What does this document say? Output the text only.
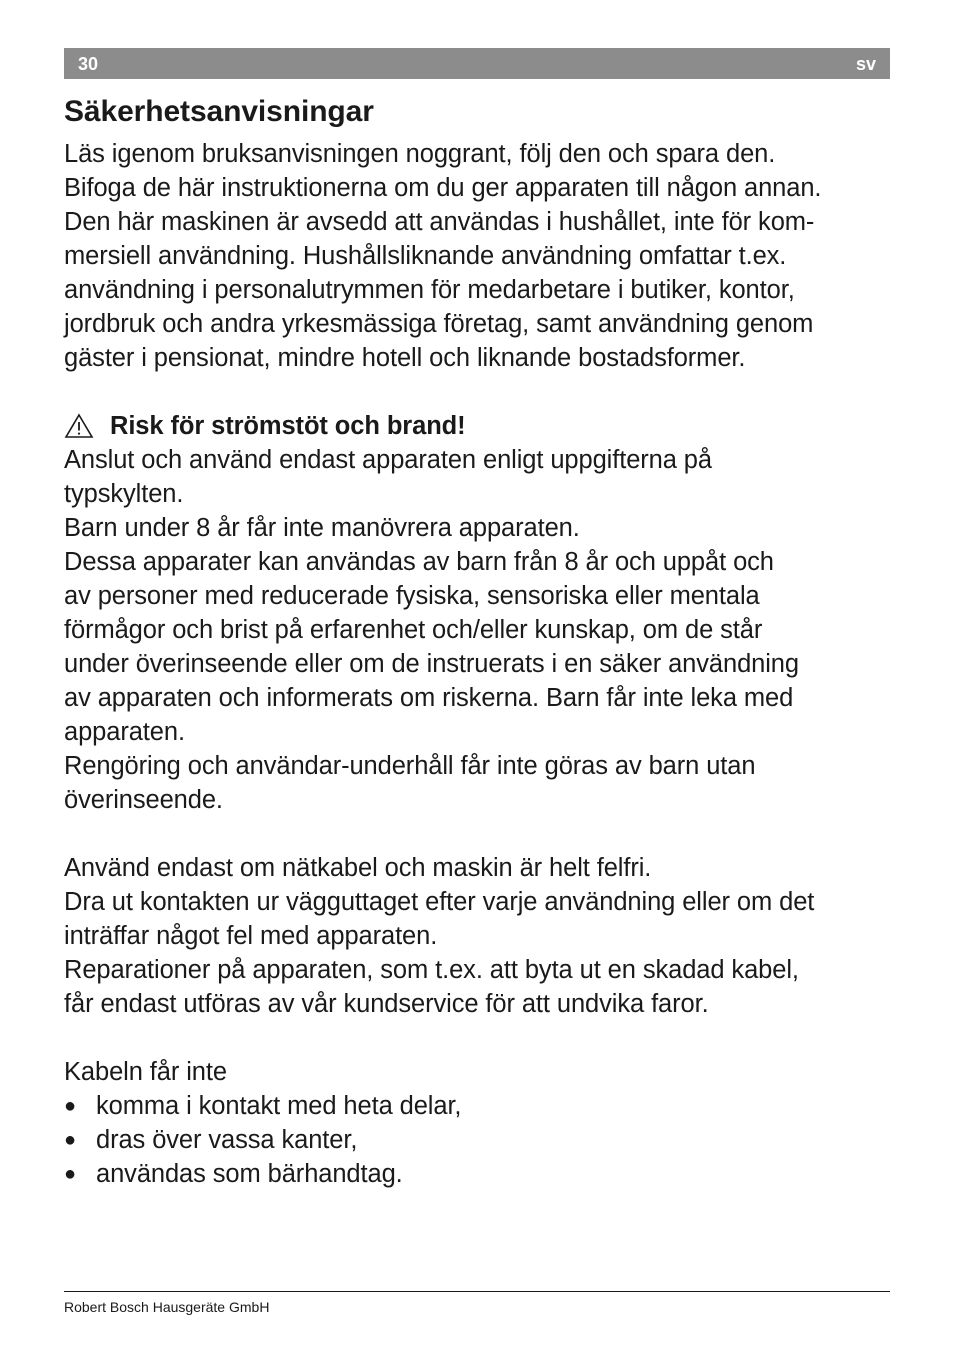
30	sv
Säkerhetsanvisningar

Läs igenom bruksanvisningen noggrant, följ den och spara den.

Bifoga de här instruktionerna om du ger apparaten till någon annan.

Den här maskinen är avsedd att användas i hushållet, inte för kom-

mersiell användning. Hushållsliknande användning omfattar t.ex.

användning i personalutrymmen för medarbetare i butiker, kontor,

jordbruk och andra yrkesmässiga företag, samt användning genom

gäster i pensionat, mindre hotell och liknande bostadsformer.

Risk för strömstöt och brand!

Anslut och använd endast apparaten enligt uppgifterna på

typskylten.

Barn under 8 år får inte manövrera apparaten.

Dessa apparater kan användas av barn från 8 år och uppåt och

av personer med reducerade fysiska, sensoriska eller mentala

förmågor och brist på erfarenhet och/eller kunskap, om de står

under överinseende eller om de instruerats i en säker användning

av apparaten och informerats om riskerna. Barn får inte leka med

apparaten.

Rengöring och användar-underhåll får inte göras av barn utan

överinseende.

Använd endast om nätkabel och maskin är helt felfri.

Dra ut kontakten ur vägguttaget efter varje användning eller om det

inträffar något fel med apparaten.

Reparationer på apparaten, som t.ex. att byta ut en skadad kabel,

får endast utföras av vår kundservice för att undvika faror.

Kabeln får inte

● komma i kontakt med heta delar,
● dras över vassa kanter,
● användas som bärhandtag.
Robert Bosch Hausgeräte GmbH
